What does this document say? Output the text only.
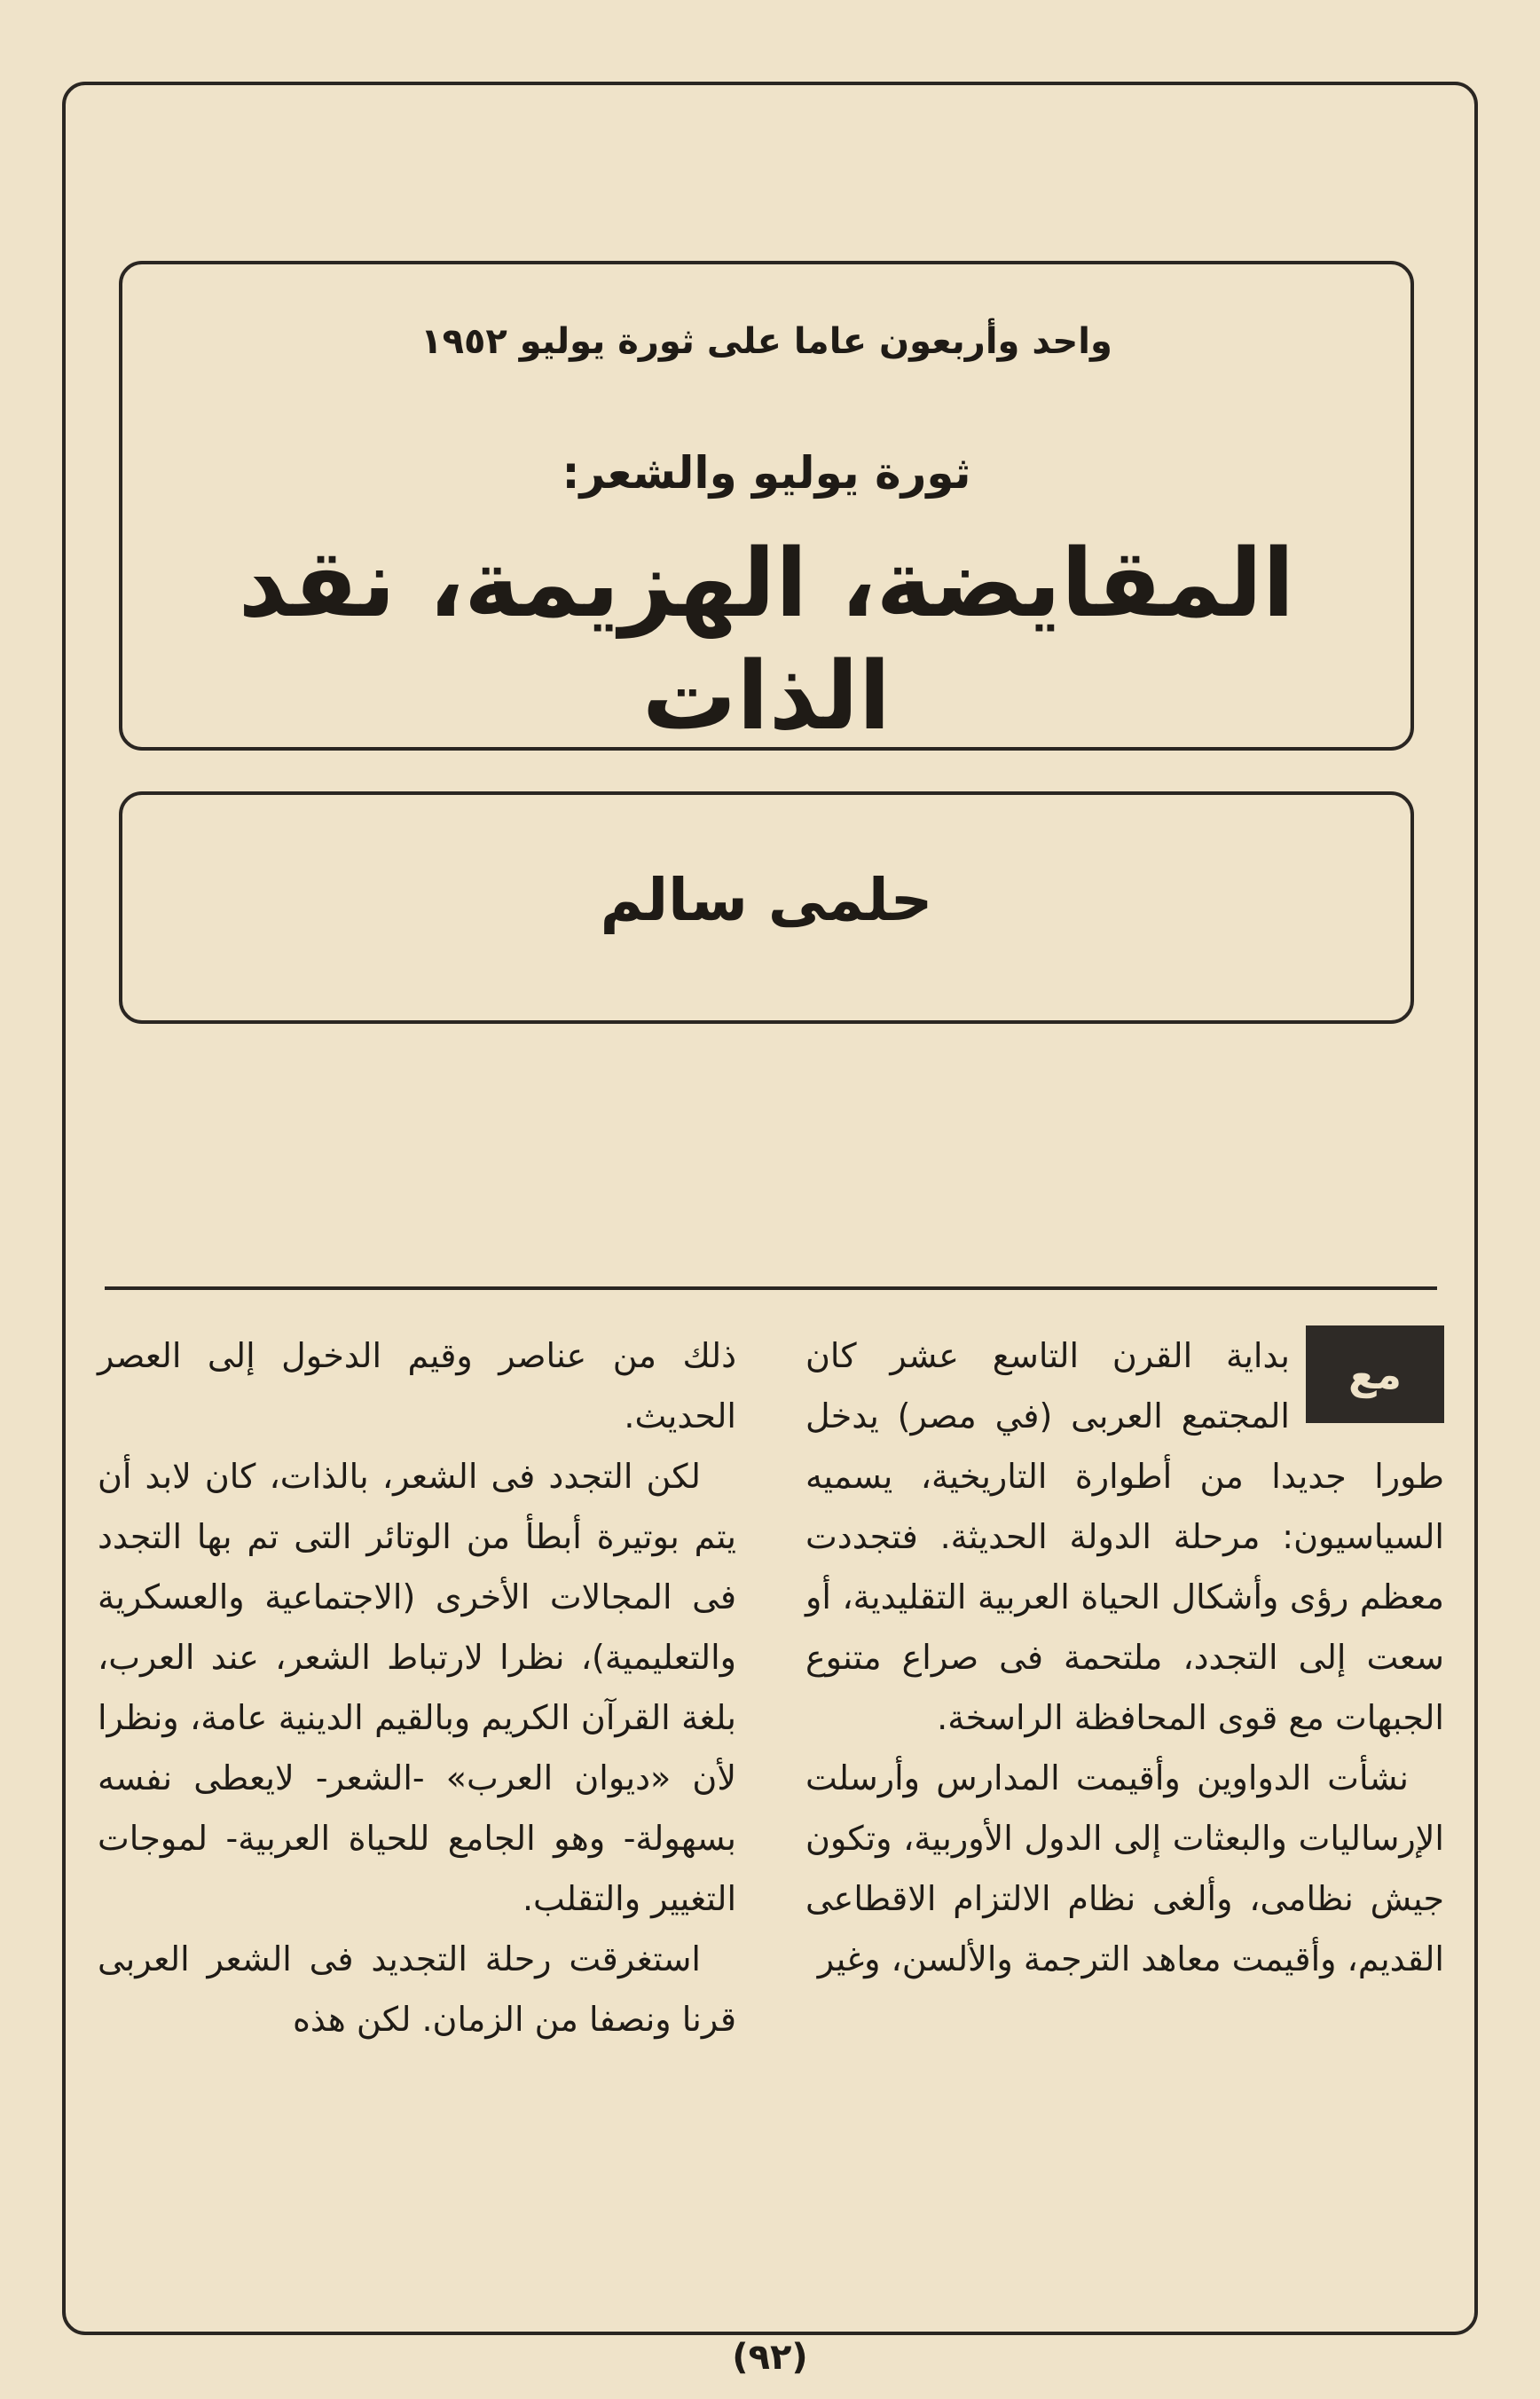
واحد وأربعون عاما على ثورة يوليو ١٩٥٢
ثورة يوليو والشعر:
المقايضة، الهزيمة، نقد الذات
حلمى سالم
مع

بداية القرن التاسع عشر كان المجتمع العربى (في مصر) يدخل طورا جديدا من أطوارة التاريخية، يسميه السياسيون: مرحلة الدولة الحديثة. فتجددت معظم رؤى وأشكال الحياة العربية التقليدية، أو سعت إلى التجدد، ملتحمة فى صراع متنوع الجبهات مع قوى المحافظة الراسخة.

نشأت الدواوين وأقيمت المدارس وأرسلت الإرساليات والبعثات إلى الدول الأوربية، وتكون جيش نظامى، وألغى نظام الالتزام الاقطاعى القديم، وأقيمت معاهد الترجمة والألسن، وغير

ذلك من عناصر وقيم الدخول إلى العصر الحديث.

لكن التجدد فى الشعر، بالذات، كان لابد أن يتم بوتيرة أبطأ من الوتائر التى تم بها التجدد فى المجالات الأخرى (الاجتماعية والعسكرية والتعليمية)، نظرا لارتباط الشعر، عند العرب، بلغة القرآن الكريم وبالقيم الدينية عامة، ونظرا لأن «ديوان العرب» -الشعر- لايعطى نفسه بسهولة- وهو الجامع للحياة العربية- لموجات التغيير والتقلب.

استغرقت رحلة التجديد فى الشعر العربى قرنا ونصفا من الزمان. لكن هذه

(٩٢)
